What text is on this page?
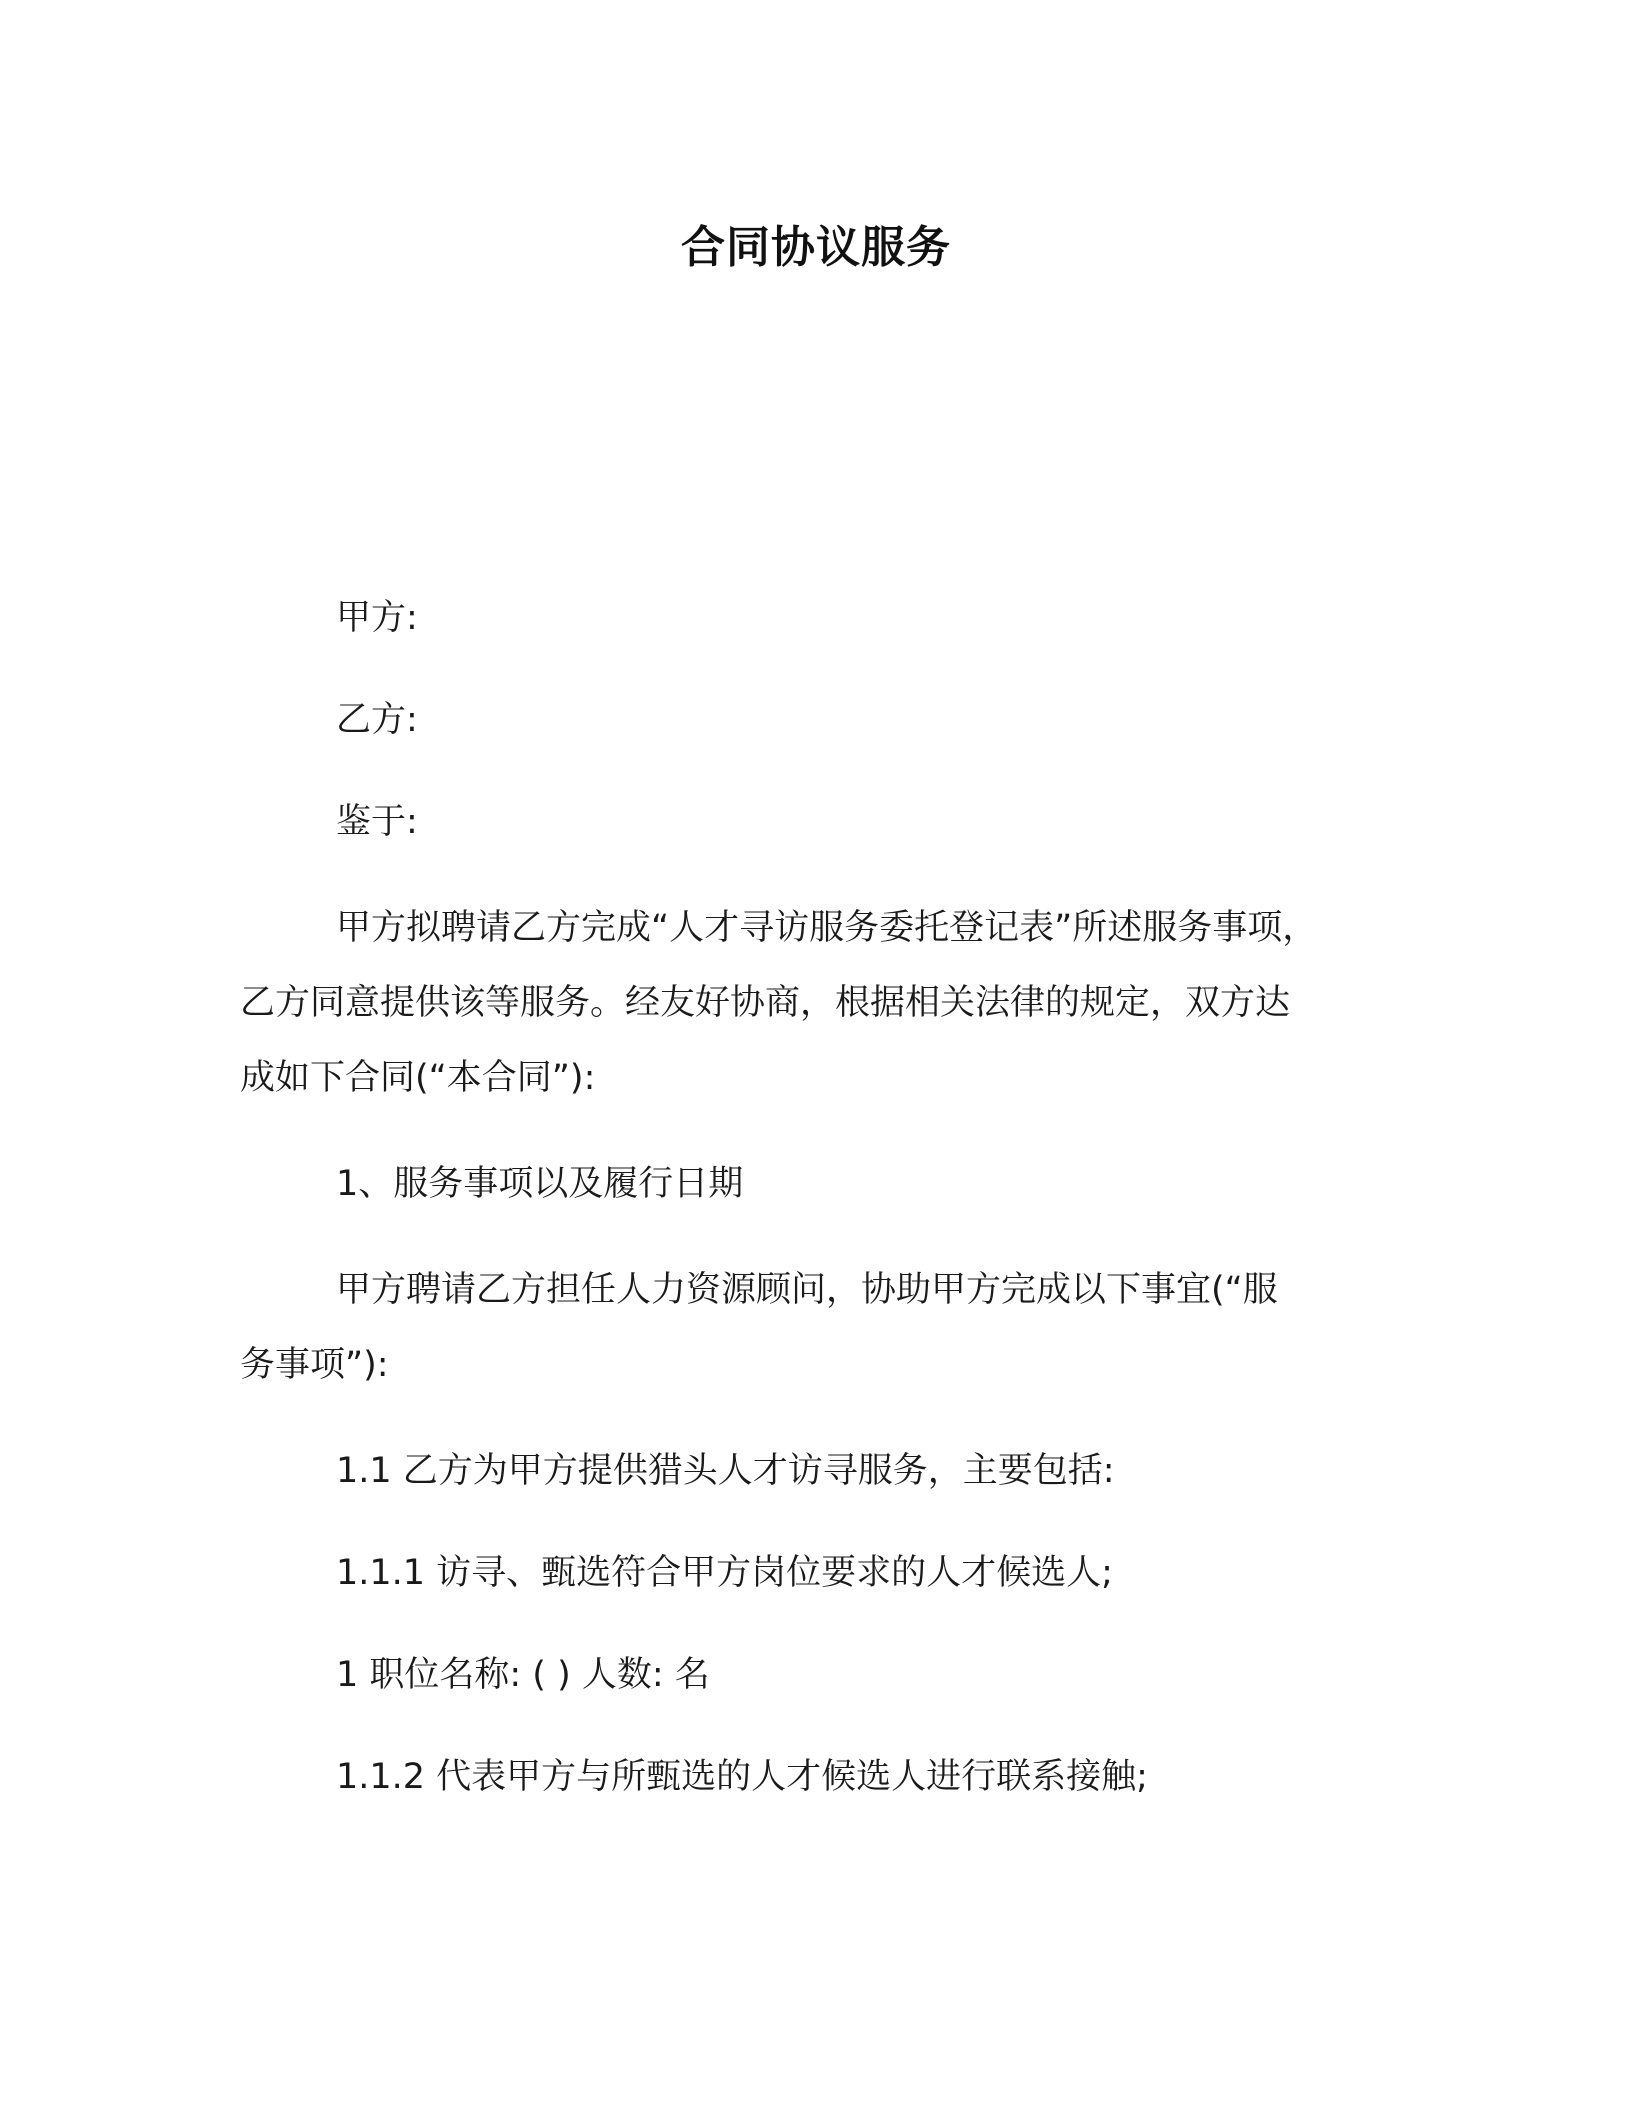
合同协议服务
甲方:
乙方:
鉴于:
甲方拟聘请乙方完成“人才寻访服务委托登记表”所述服务事项，
乙方同意提供该等服务。经友好协商，根据相关法律的规定，双方达
成如下合同(“本合同”):
1、服务事项以及履行日期
甲方聘请乙方担任人力资源顾问，协助甲方完成以下事宜(“服
务事项”):
1.1 乙方为甲方提供猎头人才访寻服务，主要包括:
1.1.1 访寻、甄选符合甲方岗位要求的人才候选人;
1 职位名称: ( ) 人数: 名
1.1.2 代表甲方与所甄选的人才候选人进行联系接触;
